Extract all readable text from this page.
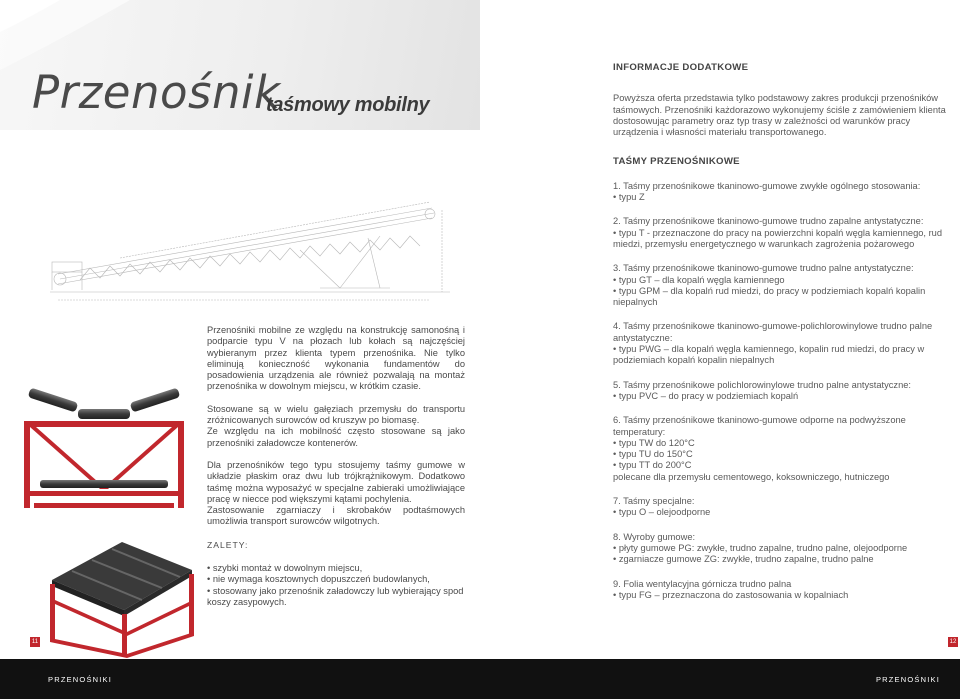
Przenośnik
taśmowy mobilny

Przenośniki mobilne ze względu na konstrukcję samonośną i podparcie typu V na płozach lub kołach są najczęściej wybieranym przez klienta typem przenośnika. Nie tylko eliminują konieczność wykonania fundamentów do posadowienia urządzenia ale również pozwalają na montaż przenośnika w dowolnym miejscu, w krótkim czasie.

Stosowane są w wielu gałęziach przemysłu do transportu zróżnicowanych surowców od kruszyw po biomasę.

Ze względu na ich mobilność często stosowane są jako przenośniki załadowcze kontenerów.

Dla przenośników tego typu stosujemy taśmy gumowe w układzie płaskim oraz dwu lub trójkrążnikowym. Dodatkowo taśmę można wyposażyć w specjalne zabieraki umożliwiające pracę w niecce pod większymi kątami pochylenia.

Zastosowanie zgarniaczy i skrobaków podtaśmowych umożliwia transport surowców wilgotnych.

ZALETY:
• szybki montaż w dowolnym miejscu,
• nie wymaga kosztownych dopuszczeń budowlanych,
• stosowany jako przenośnik załadowczy lub wybierający spod koszy zasypowych.
11
PRZENOŚNIKI
INFORMACJE DODATKOWE
Powyższa oferta przedstawia tylko podstawowy zakres produkcji przenośników taśmowych. Przenośniki każdorazowo wykonujemy ściśle z zamówieniem klienta dostosowując parametry oraz typ trasy w zależności od warunków pracy urządzenia i własności materiału transportowanego.
TAŚMY PRZENOŚNIKOWE
1. Taśmy przenośnikowe tkaninowo-gumowe zwykłe ogólnego stosowania:
• typu Z
2. Taśmy przenośnikowe tkaninowo-gumowe trudno zapalne antystatyczne:
• typu T - przeznaczone do pracy na powierzchni kopalń węgla kamiennego, rud miedzi, przemysłu energetycznego w warunkach zagrożenia pożarowego
3. Taśmy przenośnikowe tkaninowo-gumowe trudno palne antystatyczne:
• typu GT – dla kopalń węgla kamiennego
• typu GPM – dla kopalń rud miedzi, do pracy w podziemiach kopalń kopalin niepalnych
4. Taśmy przenośnikowe tkaninowo-gumowe-polichlorowinylowe trudno palne antystatyczne:
• typu PWG – dla kopalń węgla kamiennego, kopalin rud miedzi, do pracy w podziemiach kopalń kopalin niepalnych
5. Taśmy przenośnikowe polichlorowinylowe trudno palne antystatyczne:
• typu PVC – do pracy w podziemiach kopalń
6. Taśmy przenośnikowe tkaninowo-gumowe odporne na podwyższone temperatury:
• typu TW do 120°C
• typu TU do 150°C
• typu TT do 200°C
polecane dla przemysłu cementowego, koksowniczego, hutniczego
7. Taśmy specjalne:
• typu O – olejoodporne
8. Wyroby gumowe:
• płyty gumowe PG: zwykłe, trudno zapalne, trudno palne, olejoodporne
• zgarniacze gumowe ZG: zwykłe, trudno zapalne, trudno palne
9. Folia wentylacyjna górnicza trudno palna
• typu FG – przeznaczona do zastosowania w kopalniach
12
PRZENOŚNIKI
